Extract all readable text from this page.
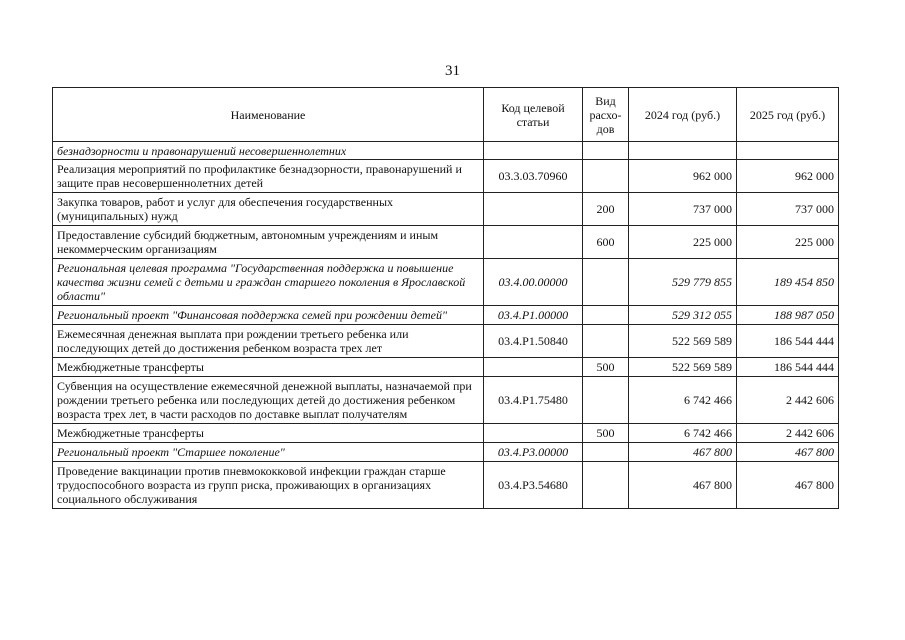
31
Наименование	Код целевой статьи	Вид расхо-дов	2024 год (руб.)	2025 год (руб.)
безнадзорности и правонарушений несовершеннолетних				
Реализация мероприятий по профилактике безнадзорности, правонарушений и защите прав несовершеннолетних детей	03.3.03.70960		962 000	962 000
Закупка товаров, работ и услуг для обеспечения государственных (муниципальных) нужд		200	737 000	737 000
Предоставление субсидий бюджетным, автономным учреждениям и иным некоммерческим организациям		600	225 000	225 000
Региональная целевая программа "Государственная поддержка и повышение качества жизни семей с детьми и граждан старшего поколения в Ярославской области"	03.4.00.00000		529 779 855	189 454 850
Региональный проект "Финансовая поддержка семей при рождении детей"	03.4.Р1.00000		529 312 055	188 987 050
Ежемесячная денежная выплата при рождении третьего ребенка или последующих детей до достижения ребенком возраста трех лет	03.4.Р1.50840		522 569 589	186 544 444
Межбюджетные трансферты		500	522 569 589	186 544 444
Субвенция на осуществление ежемесячной денежной выплаты, назначаемой при рождении третьего ребенка или последующих детей до достижения ребенком возраста трех лет, в части расходов по доставке выплат получателям	03.4.Р1.75480		6 742 466	2 442 606
Межбюджетные трансферты		500	6 742 466	2 442 606
Региональный проект "Старшее поколение"	03.4.Р3.00000		467 800	467 800
Проведение вакцинации против пневмококковой инфекции граждан старше трудоспособного возраста из групп риска, проживающих в организациях социального обслуживания	03.4.Р3.54680		467 800	467 800
